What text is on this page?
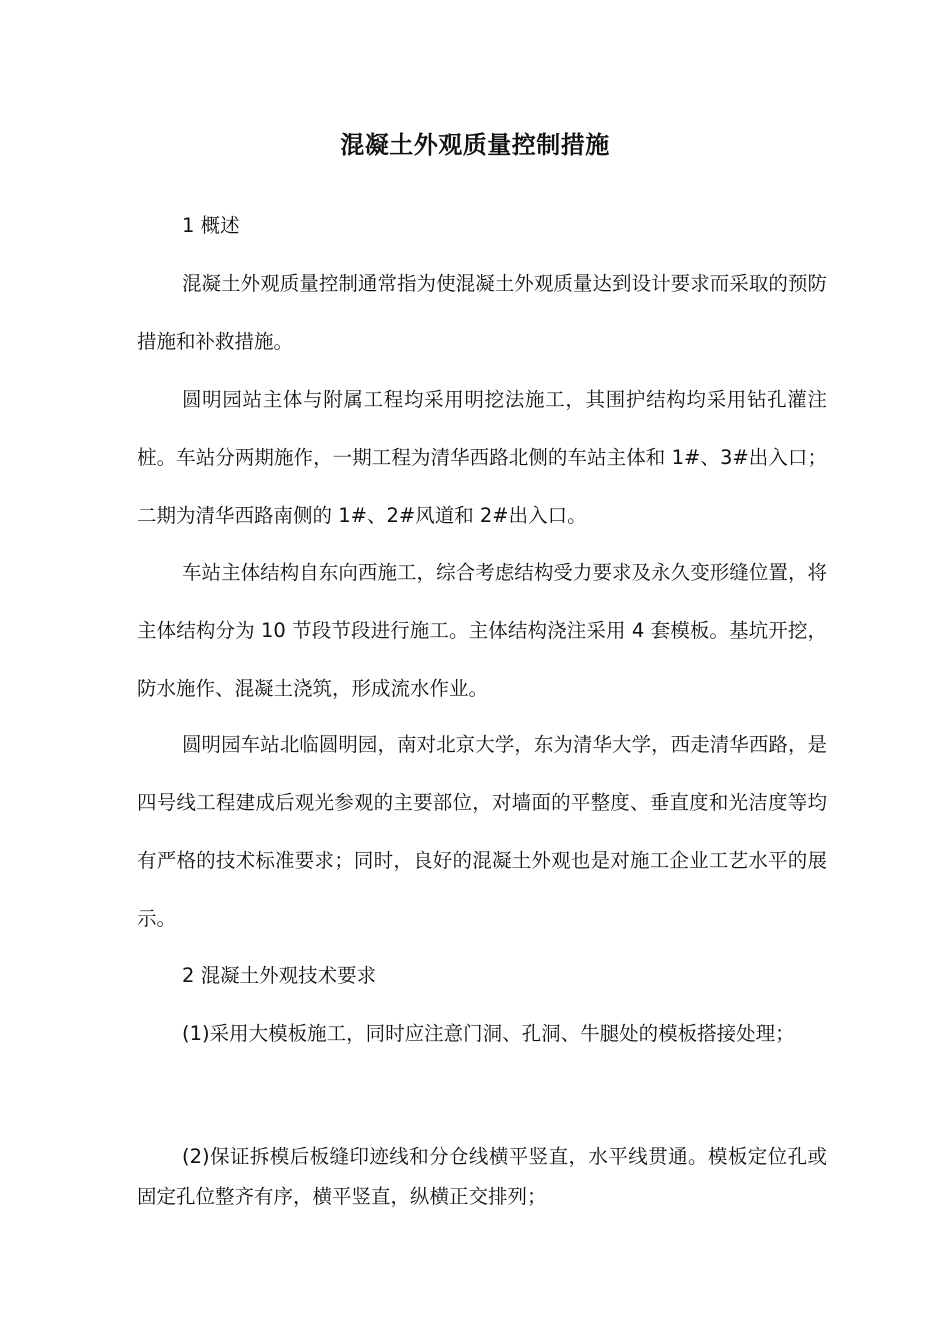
混凝土外观质量控制措施

1 概述

混凝土外观质量控制通常指为使混凝土外观质量达到设计要求而采取的预防措施和补救措施。

圆明园站主体与附属工程均采用明挖法施工，其围护结构均采用钻孔灌注桩。车站分两期施作，一期工程为清华西路北侧的车站主体和 1#、3#出入口；二期为清华西路南侧的 1#、2#风道和 2#出入口。

车站主体结构自东向西施工，综合考虑结构受力要求及永久变形缝位置，将主体结构分为 10 节段节段进行施工。主体结构浇注采用 4 套模板。基坑开挖，防水施作、混凝土浇筑，形成流水作业。

圆明园车站北临圆明园，南对北京大学，东为清华大学，西走清华西路，是四号线工程建成后观光参观的主要部位，对墙面的平整度、垂直度和光洁度等均有严格的技术标准要求；同时，良好的混凝土外观也是对施工企业工艺水平的展示。

2 混凝土外观技术要求

(1)采用大模板施工，同时应注意门洞、孔洞、牛腿处的模板搭接处理；

(2)保证拆模后板缝印迹线和分仓线横平竖直，水平线贯通。模板定位孔或固定孔位整齐有序，横平竖直，纵横正交排列；
